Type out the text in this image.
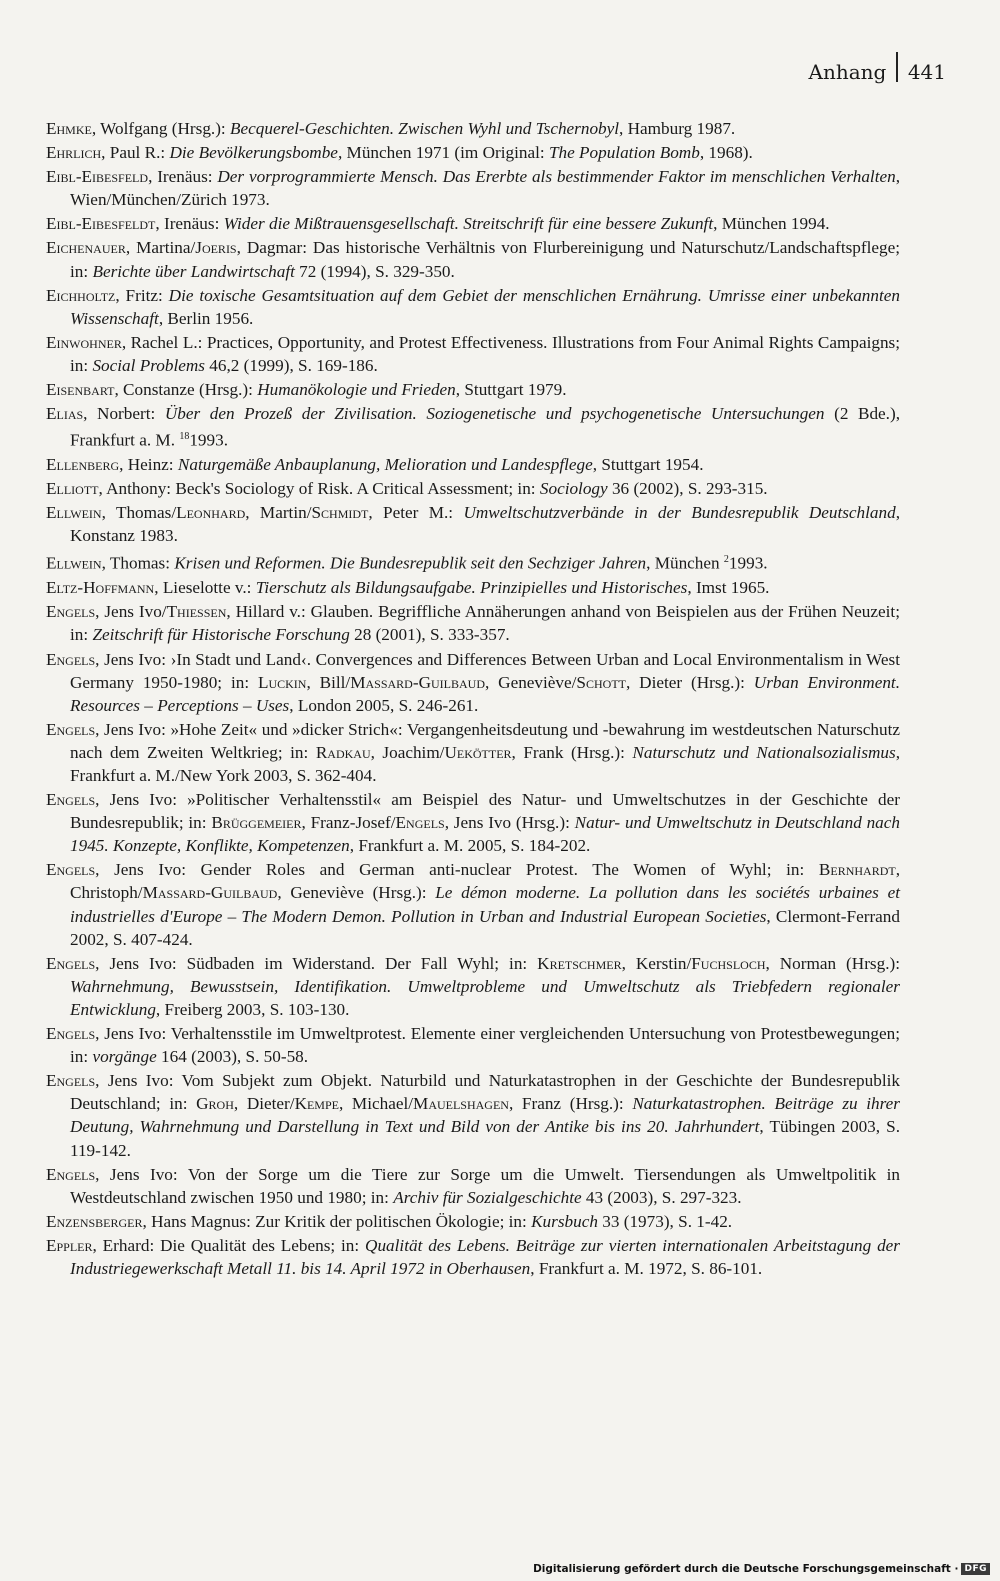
Anhang 441

Ehmke, Wolfgang (Hrsg.): Becquerel-Geschichten. Zwischen Wyhl und Tschernobyl, Hamburg 1987.

Ehrlich, Paul R.: Die Bevölkerungsbombe, München 1971 (im Original: The Population Bomb, 1968).

Eibl-Eibesfeld, Irenäus: Der vorprogrammierte Mensch. Das Ererbte als bestimmender Faktor im menschlichen Verhalten, Wien/München/Zürich 1973.

Eibl-Eibesfeldt, Irenäus: Wider die Mißtrauensgesellschaft. Streitschrift für eine bessere Zukunft, München 1994.

Eichenauer, Martina/Joeris, Dagmar: Das historische Verhältnis von Flurbereinigung und Naturschutz/Landschaftspflege; in: Berichte über Landwirtschaft 72 (1994), S. 329-350.

Eichholtz, Fritz: Die toxische Gesamtsituation auf dem Gebiet der menschlichen Ernährung. Umrisse einer unbekannten Wissenschaft, Berlin 1956.

Einwohner, Rachel L.: Practices, Opportunity, and Protest Effectiveness. Illustrations from Four Animal Rights Campaigns; in: Social Problems 46,2 (1999), S. 169-186.

Eisenbart, Constanze (Hrsg.): Humanökologie und Frieden, Stuttgart 1979.

Elias, Norbert: Über den Prozeß der Zivilisation. Soziogenetische und psychogenetische Untersuchungen (2 Bde.), Frankfurt a. M. $^{18}$1993.

Ellenberg, Heinz: Naturgemäße Anbauplanung, Melioration und Landespflege, Stuttgart 1954.

Elliott, Anthony: Beck's Sociology of Risk. A Critical Assessment; in: Sociology 36 (2002), S. 293-315.

Ellwein, Thomas/Leonhard, Martin/Schmidt, Peter M.: Umweltschutzverbände in der Bundesrepublik Deutschland, Konstanz 1983.

Ellwein, Thomas: Krisen und Reformen. Die Bundesrepublik seit den Sechziger Jahren, München $^2$1993.

Eltz-Hoffmann, Lieselotte v.: Tierschutz als Bildungsaufgabe. Prinzipielles und Historisches, Imst 1965.

Engels, Jens Ivo/Thiessen, Hillard v.: Glauben. Begriffliche Annäherungen anhand von Beispielen aus der Frühen Neuzeit; in: Zeitschrift für Historische Forschung 28 (2001), S. 333-357.

Engels, Jens Ivo: ›In Stadt und Land‹. Convergences and Differences Between Urban and Local Environmentalism in West Germany 1950-1980; in: Luckin, Bill/Massard-Guilbaud, Geneviève/Schott, Dieter (Hrsg.): Urban Environment. Resources – Perceptions – Uses, London 2005, S. 246-261.

Engels, Jens Ivo: »Hohe Zeit« und »dicker Strich«: Vergangenheitsdeutung und -bewahrung im westdeutschen Naturschutz nach dem Zweiten Weltkrieg; in: Radkau, Joachim/Uekötter, Frank (Hrsg.): Naturschutz und Nationalsozialismus, Frankfurt a. M./New York 2003, S. 362-404.

Engels, Jens Ivo: »Politischer Verhaltensstil« am Beispiel des Natur- und Umweltschutzes in der Geschichte der Bundesrepublik; in: Brüggemeier, Franz-Josef/Engels, Jens Ivo (Hrsg.): Natur- und Umweltschutz in Deutschland nach 1945. Konzepte, Konflikte, Kompetenzen, Frankfurt a. M. 2005, S. 184-202.

Engels, Jens Ivo: Gender Roles and German anti-nuclear Protest. The Women of Wyhl; in: Bernhardt, Christoph/Massard-Guilbaud, Geneviève (Hrsg.): Le démon moderne. La pollution dans les sociétés urbaines et industrielles d'Europe – The Modern Demon. Pollution in Urban and Industrial European Societies, Clermont-Ferrand 2002, S. 407-424.

Engels, Jens Ivo: Südbaden im Widerstand. Der Fall Wyhl; in: Kretschmer, Kerstin/Fuchsloch, Norman (Hrsg.): Wahrnehmung, Bewusstsein, Identifikation. Umweltprobleme und Umweltschutz als Triebfedern regionaler Entwicklung, Freiberg 2003, S. 103-130.

Engels, Jens Ivo: Verhaltensstile im Umweltprotest. Elemente einer vergleichenden Untersuchung von Protestbewegungen; in: vorgänge 164 (2003), S. 50-58.

Engels, Jens Ivo: Vom Subjekt zum Objekt. Naturbild und Naturkatastrophen in der Geschichte der Bundesrepublik Deutschland; in: Groh, Dieter/Kempe, Michael/Mauelshagen, Franz (Hrsg.): Naturkatastrophen. Beiträge zu ihrer Deutung, Wahrnehmung und Darstellung in Text und Bild von der Antike bis ins 20. Jahrhundert, Tübingen 2003, S. 119-142.

Engels, Jens Ivo: Von der Sorge um die Tiere zur Sorge um die Umwelt. Tiersendungen als Umweltpolitik in Westdeutschland zwischen 1950 und 1980; in: Archiv für Sozialgeschichte 43 (2003), S. 297-323.

Enzensberger, Hans Magnus: Zur Kritik der politischen Ökologie; in: Kursbuch 33 (1973), S. 1-42.

Eppler, Erhard: Die Qualität des Lebens; in: Qualität des Lebens. Beiträge zur vierten internationalen Arbeitstagung der Industriegewerkschaft Metall 11. bis 14. April 1972 in Oberhausen, Frankfurt a. M. 1972, S. 86-101.

Digitalisierung gefördert durch die Deutsche Forschungsgemeinschaft · DFG
